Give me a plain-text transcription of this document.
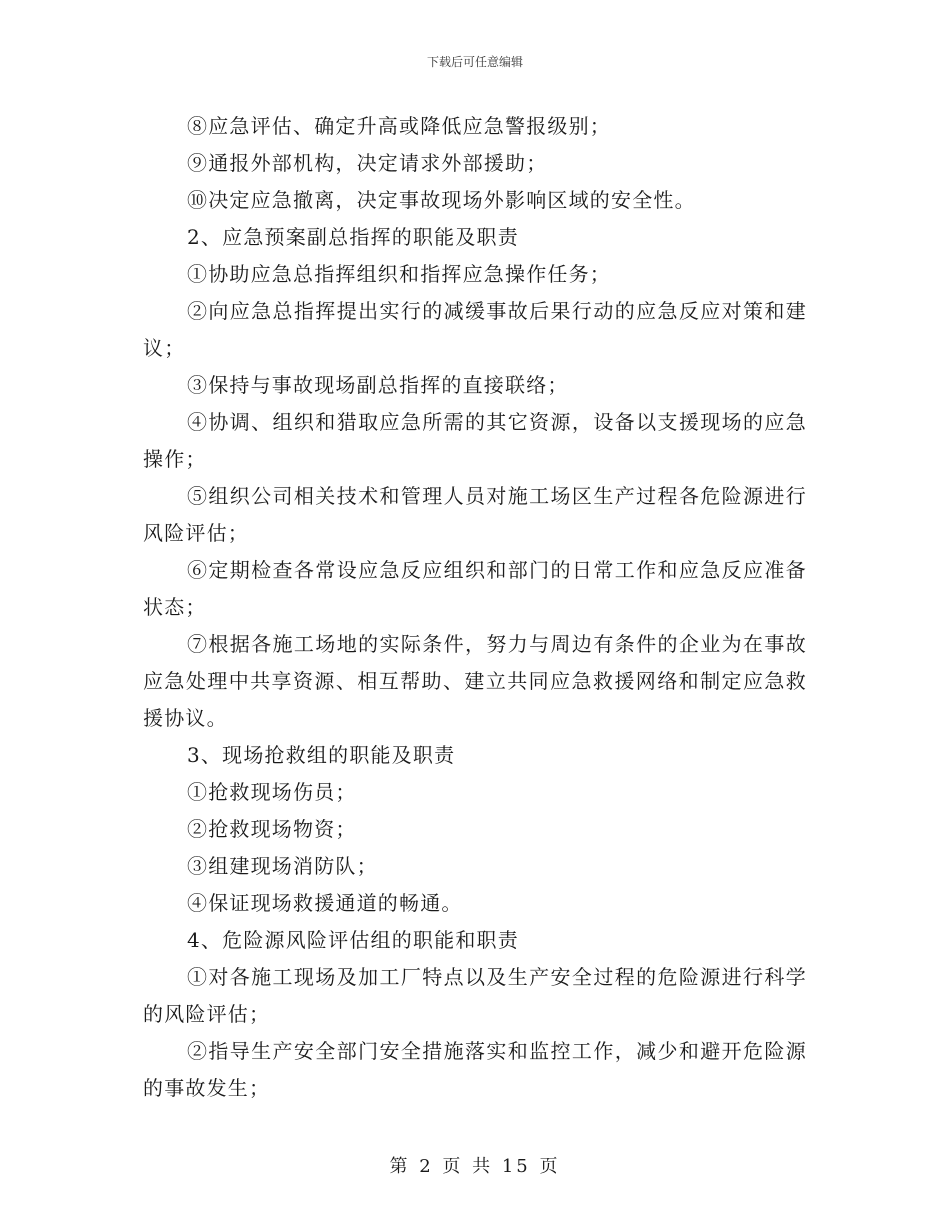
下载后可任意编辑

⑧应急评估、确定升高或降低应急警报级别；

⑨通报外部机构，决定请求外部援助；

⑩决定应急撤离，决定事故现场外影响区域的安全性。

2、应急预案副总指挥的职能及职责

①协助应急总指挥组织和指挥应急操作任务；

②向应急总指挥提出实行的减缓事故后果行动的应急反应对策和建议；

③保持与事故现场副总指挥的直接联络；

④协调、组织和猎取应急所需的其它资源，设备以支援现场的应急操作；

⑤组织公司相关技术和管理人员对施工场区生产过程各危险源进行风险评估；

⑥定期检查各常设应急反应组织和部门的日常工作和应急反应准备状态；

⑦根据各施工场地的实际条件，努力与周边有条件的企业为在事故应急处理中共享资源、相互帮助、建立共同应急救援网络和制定应急救援协议。

3、现场抢救组的职能及职责

①抢救现场伤员；

②抢救现场物资；

③组建现场消防队；

④保证现场救援通道的畅通。

4、危险源风险评估组的职能和职责

①对各施工现场及加工厂特点以及生产安全过程的危险源进行科学的风险评估；

②指导生产安全部门安全措施落实和监控工作，减少和避开危险源的事故发生；

第 2 页 共 15 页
